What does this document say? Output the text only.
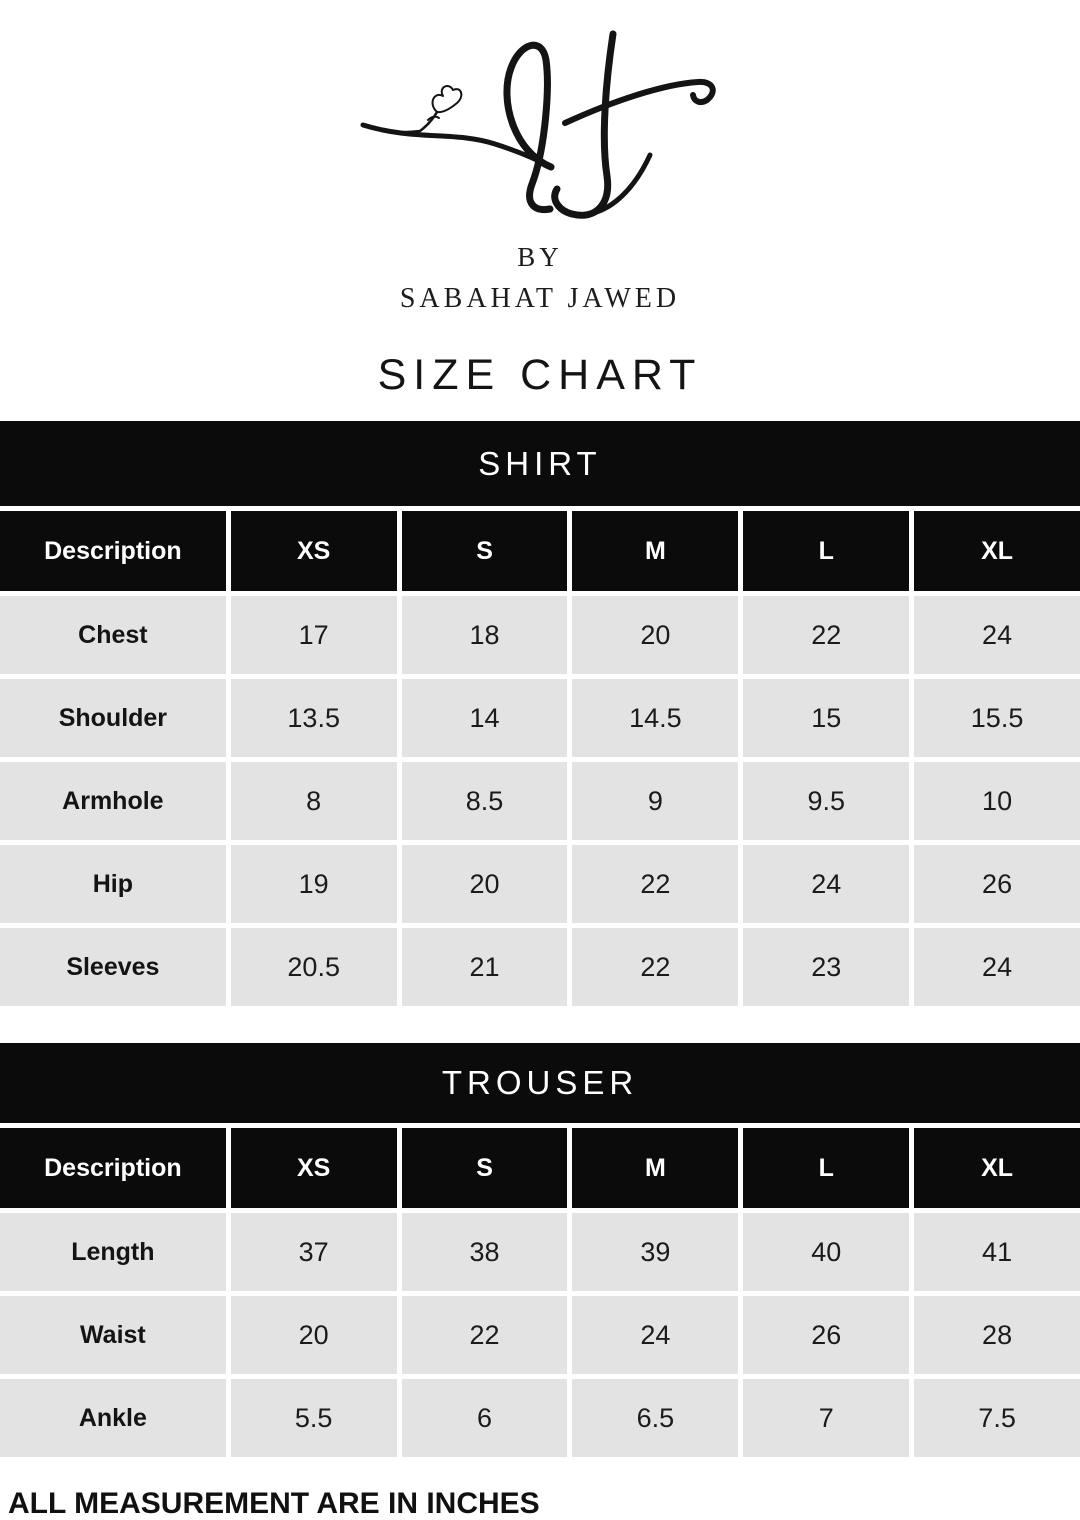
BY
SABAHAT JAWED
SIZE CHART
SHIRT
Description	XS	S	M	L	XL
Chest	17	18	20	22	24
Shoulder	13.5	14	14.5	15	15.5
Armhole	8	8.5	9	9.5	10
Hip	19	20	22	24	26
Sleeves	20.5	21	22	23	24
TROUSER
Description	XS	S	M	L	XL
Length	37	38	39	40	41
Waist	20	22	24	26	28
Ankle	5.5	6	6.5	7	7.5
ALL MEASUREMENT ARE IN INCHES
